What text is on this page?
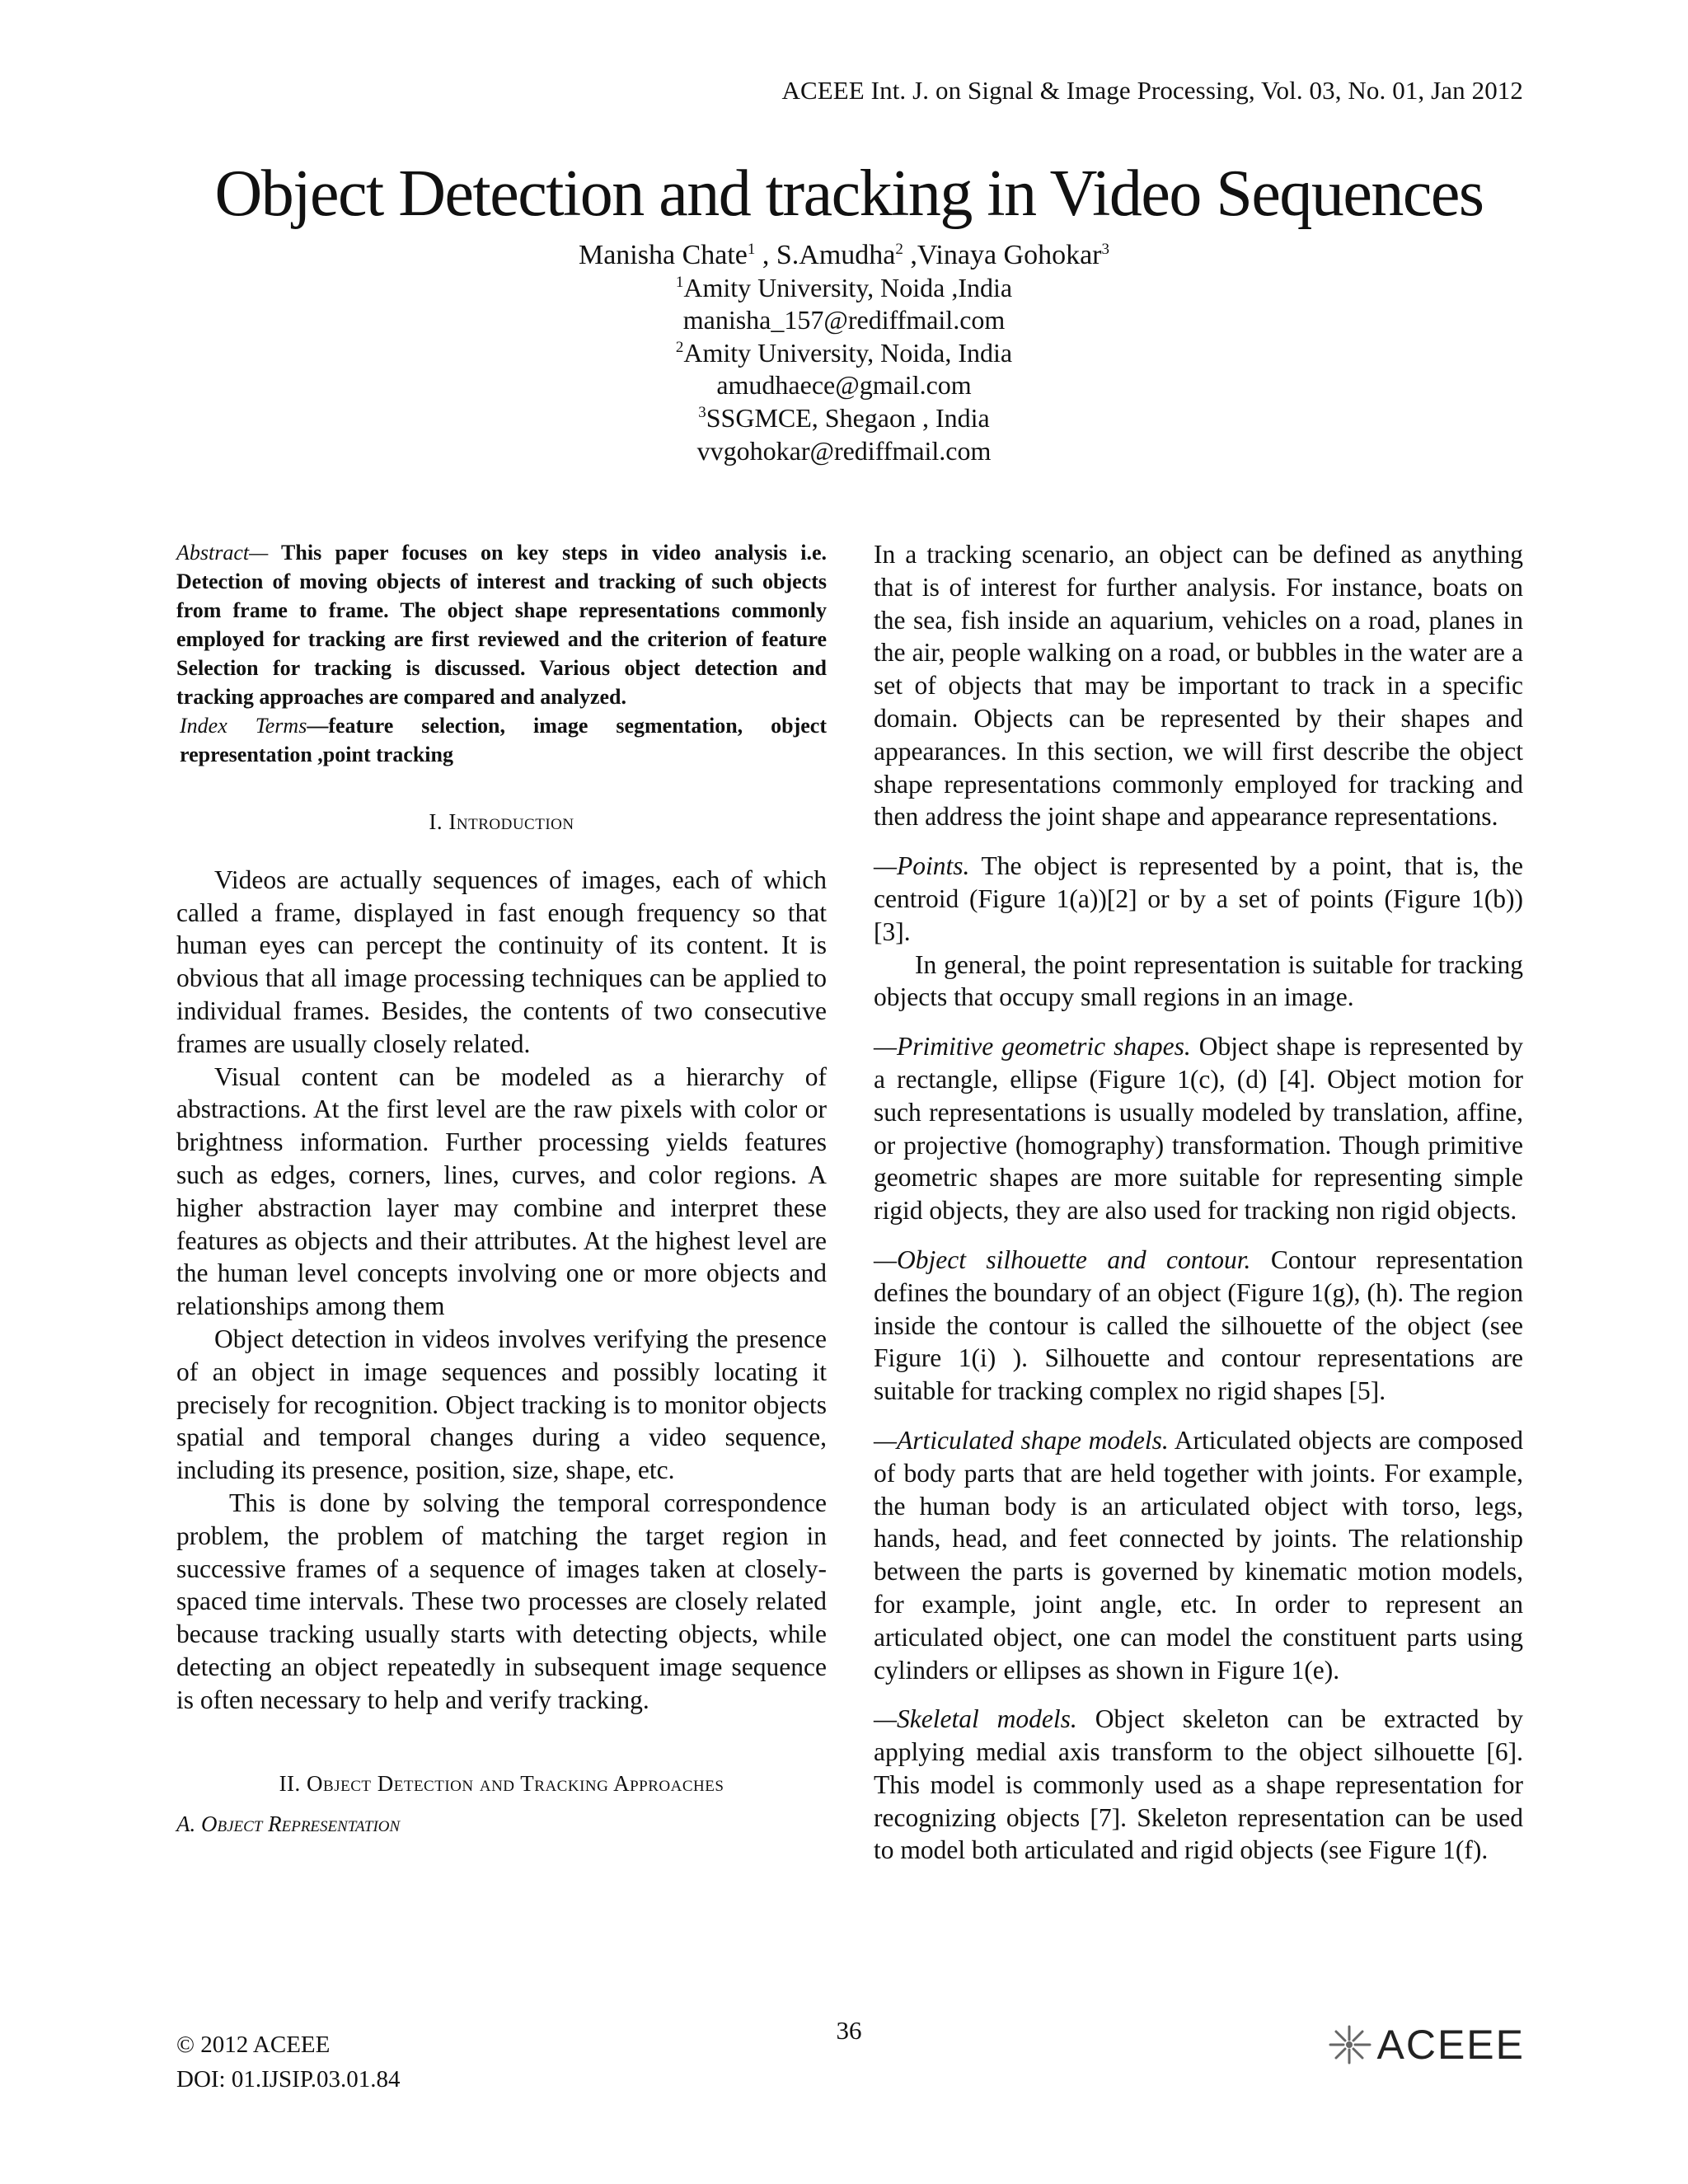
ACEEE Int. J. on Signal & Image Processing, Vol. 03, No. 01, Jan 2012
Object Detection and tracking in Video Sequences
Manisha Chate$^1$ , S.Amudha$^2$ ,Vinaya Gohokar$^3$
$^1$Amity University, Noida ,India
manisha_157@rediffmail.com
$^2$Amity University, Noida, India
amudhaece@gmail.com
$^3$SSGMCE, Shegaon , India
vvgohokar@rediffmail.com

Abstract— This paper focuses on key steps in video analysis i.e. Detection of moving objects of interest and tracking of such objects from frame to frame. The object shape representations commonly employed for tracking are first reviewed and the criterion of feature Selection for tracking is discussed. Various object detection and tracking approaches are compared and analyzed.

Index Terms—feature selection, image segmentation, object representation ,point tracking

I. Introduction

Videos are actually sequences of images, each of which called a frame, displayed in fast enough frequency so that human eyes can percept the continuity of its content. It is obvious that all image processing techniques can be applied to individual frames. Besides, the contents of two consecutive frames are usually closely related.

Visual content can be modeled as a hierarchy of abstractions. At the first level are the raw pixels with color or brightness information. Further processing yields features such as edges, corners, lines, curves, and color regions. A higher abstraction layer may combine and interpret these features as objects and their attributes. At the highest level are the human level concepts involving one or more objects and relationships among them

Object detection in videos involves verifying the presence of an object in image sequences and possibly locating it precisely for recognition. Object tracking is to monitor objects spatial and temporal changes during a video sequence, including its presence, position, size, shape, etc.

This is done by solving the temporal correspondence problem, the problem of matching the target region in successive frames of a sequence of images taken at closely-spaced time intervals. These two processes are closely related because tracking usually starts with detecting objects, while detecting an object repeatedly in subsequent image sequence is often necessary to help and verify tracking.

II. Object Detection and Tracking Approaches
A. Object Representation

In a tracking scenario, an object can be defined as anything that is of interest for further analysis. For instance, boats on the sea, fish inside an aquarium, vehicles on a road, planes in the air, people walking on a road, or bubbles in the water are a set of objects that may be important to track in a specific domain. Objects can be represented by their shapes and appearances. In this section, we will first describe the object shape representations commonly employed for tracking and then address the joint shape and appearance representations.

—Points. The object is represented by a point, that is, the centroid (Figure 1(a))[2] or by a set of points (Figure 1(b)) [3].
In general, the point representation is suitable for tracking objects that occupy small regions in an image.

—Primitive geometric shapes. Object shape is represented by a rectangle, ellipse (Figure 1(c), (d) [4]. Object motion for such representations is usually modeled by translation, affine, or projective (homography) transformation. Though primitive geometric shapes are more suitable for representing simple rigid objects, they are also used for tracking non rigid objects.

—Object silhouette and contour. Contour representation defines the boundary of an object (Figure 1(g), (h). The region inside the contour is called the silhouette of the object (see Figure 1(i) ). Silhouette and contour representations are suitable for tracking complex no rigid shapes [5].

—Articulated shape models. Articulated objects are composed of body parts that are held together with joints. For example, the human body is an articulated object with torso, legs, hands, head, and feet connected by joints. The relationship between the parts is governed by kinematic motion models, for example, joint angle, etc. In order to represent an articulated object, one can model the constituent parts using cylinders or ellipses as shown in Figure 1(e).

—Skeletal models. Object skeleton can be extracted by applying medial axis transform to the object silhouette [6]. This model is commonly used as a shape representation for recognizing objects [7]. Skeleton representation can be used to model both articulated and rigid objects (see Figure 1(f).

© 2012 ACEEE
DOI: 01.IJSIP.03.01.84
36	ACEEE
